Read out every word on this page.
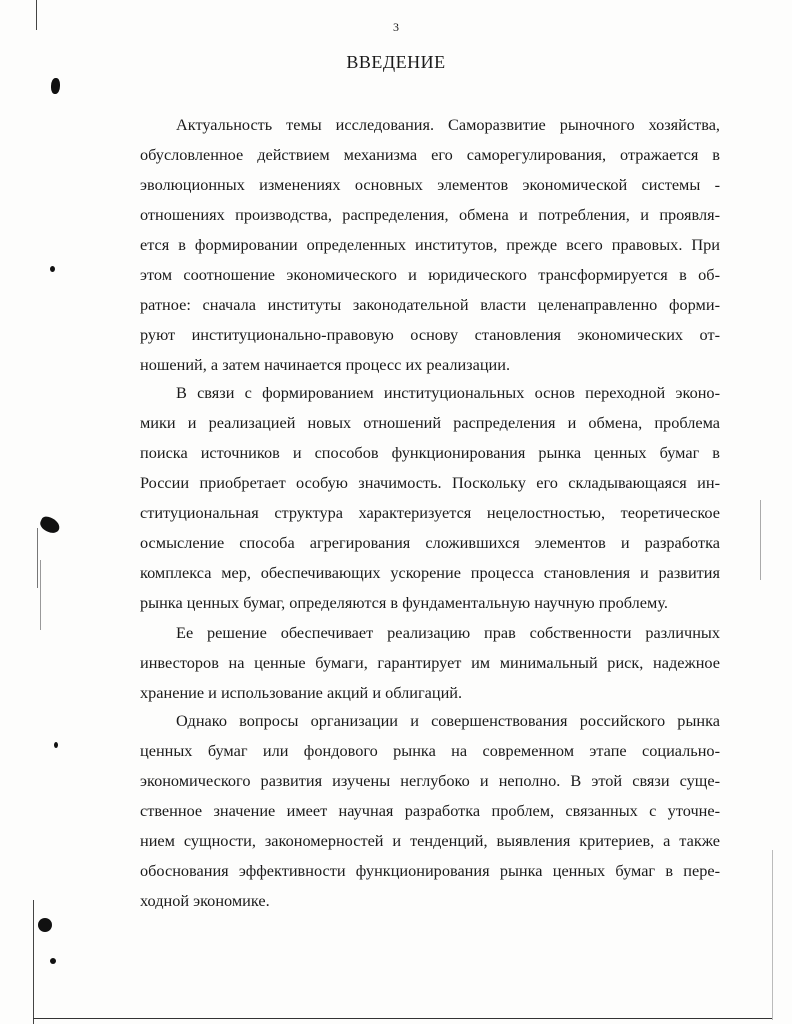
3
ВВЕДЕНИЕ
Актуальность темы исследования. Саморазвитие рыночного хозяйства,
обусловленное действием механизма его саморегулирования, отражается в
эволюционных изменениях основных элементов экономической системы -
отношениях производства, распределения, обмена и потребления, и проявля-
ется в формировании определенных институтов, прежде всего правовых. При
этом соотношение экономического и юридического трансформируется в об-
ратное: сначала институты законодательной власти целенаправленно форми-
руют институционально-правовую основу становления экономических от-
ношений, а затем начинается процесс их реализации.
В связи с формированием институциональных основ переходной эконо-
мики и реализацией новых отношений распределения и обмена, проблема
поиска источников и способов функционирования рынка ценных бумаг в
России приобретает особую значимость. Поскольку его складывающаяся ин-
ституциональная структура характеризуется нецелостностью, теоретическое
осмысление способа агрегирования сложившихся элементов и разработка
комплекса мер, обеспечивающих ускорение процесса становления и развития
рынка ценных бумаг, определяются в фундаментальную научную проблему.
Ее решение обеспечивает реализацию прав собственности различных
инвесторов на ценные бумаги, гарантирует им минимальный риск, надежное
хранение и использование акций и облигаций.
Однако вопросы организации и совершенствования российского рынка
ценных бумаг или фондового рынка на современном этапе социально-
экономического развития изучены неглубоко и неполно. В этой связи суще-
ственное значение имеет научная разработка проблем, связанных с уточне-
нием сущности, закономерностей и тенденций, выявления критериев, а также
обоснования эффективности функционирования рынка ценных бумаг в пере-
ходной экономике.
